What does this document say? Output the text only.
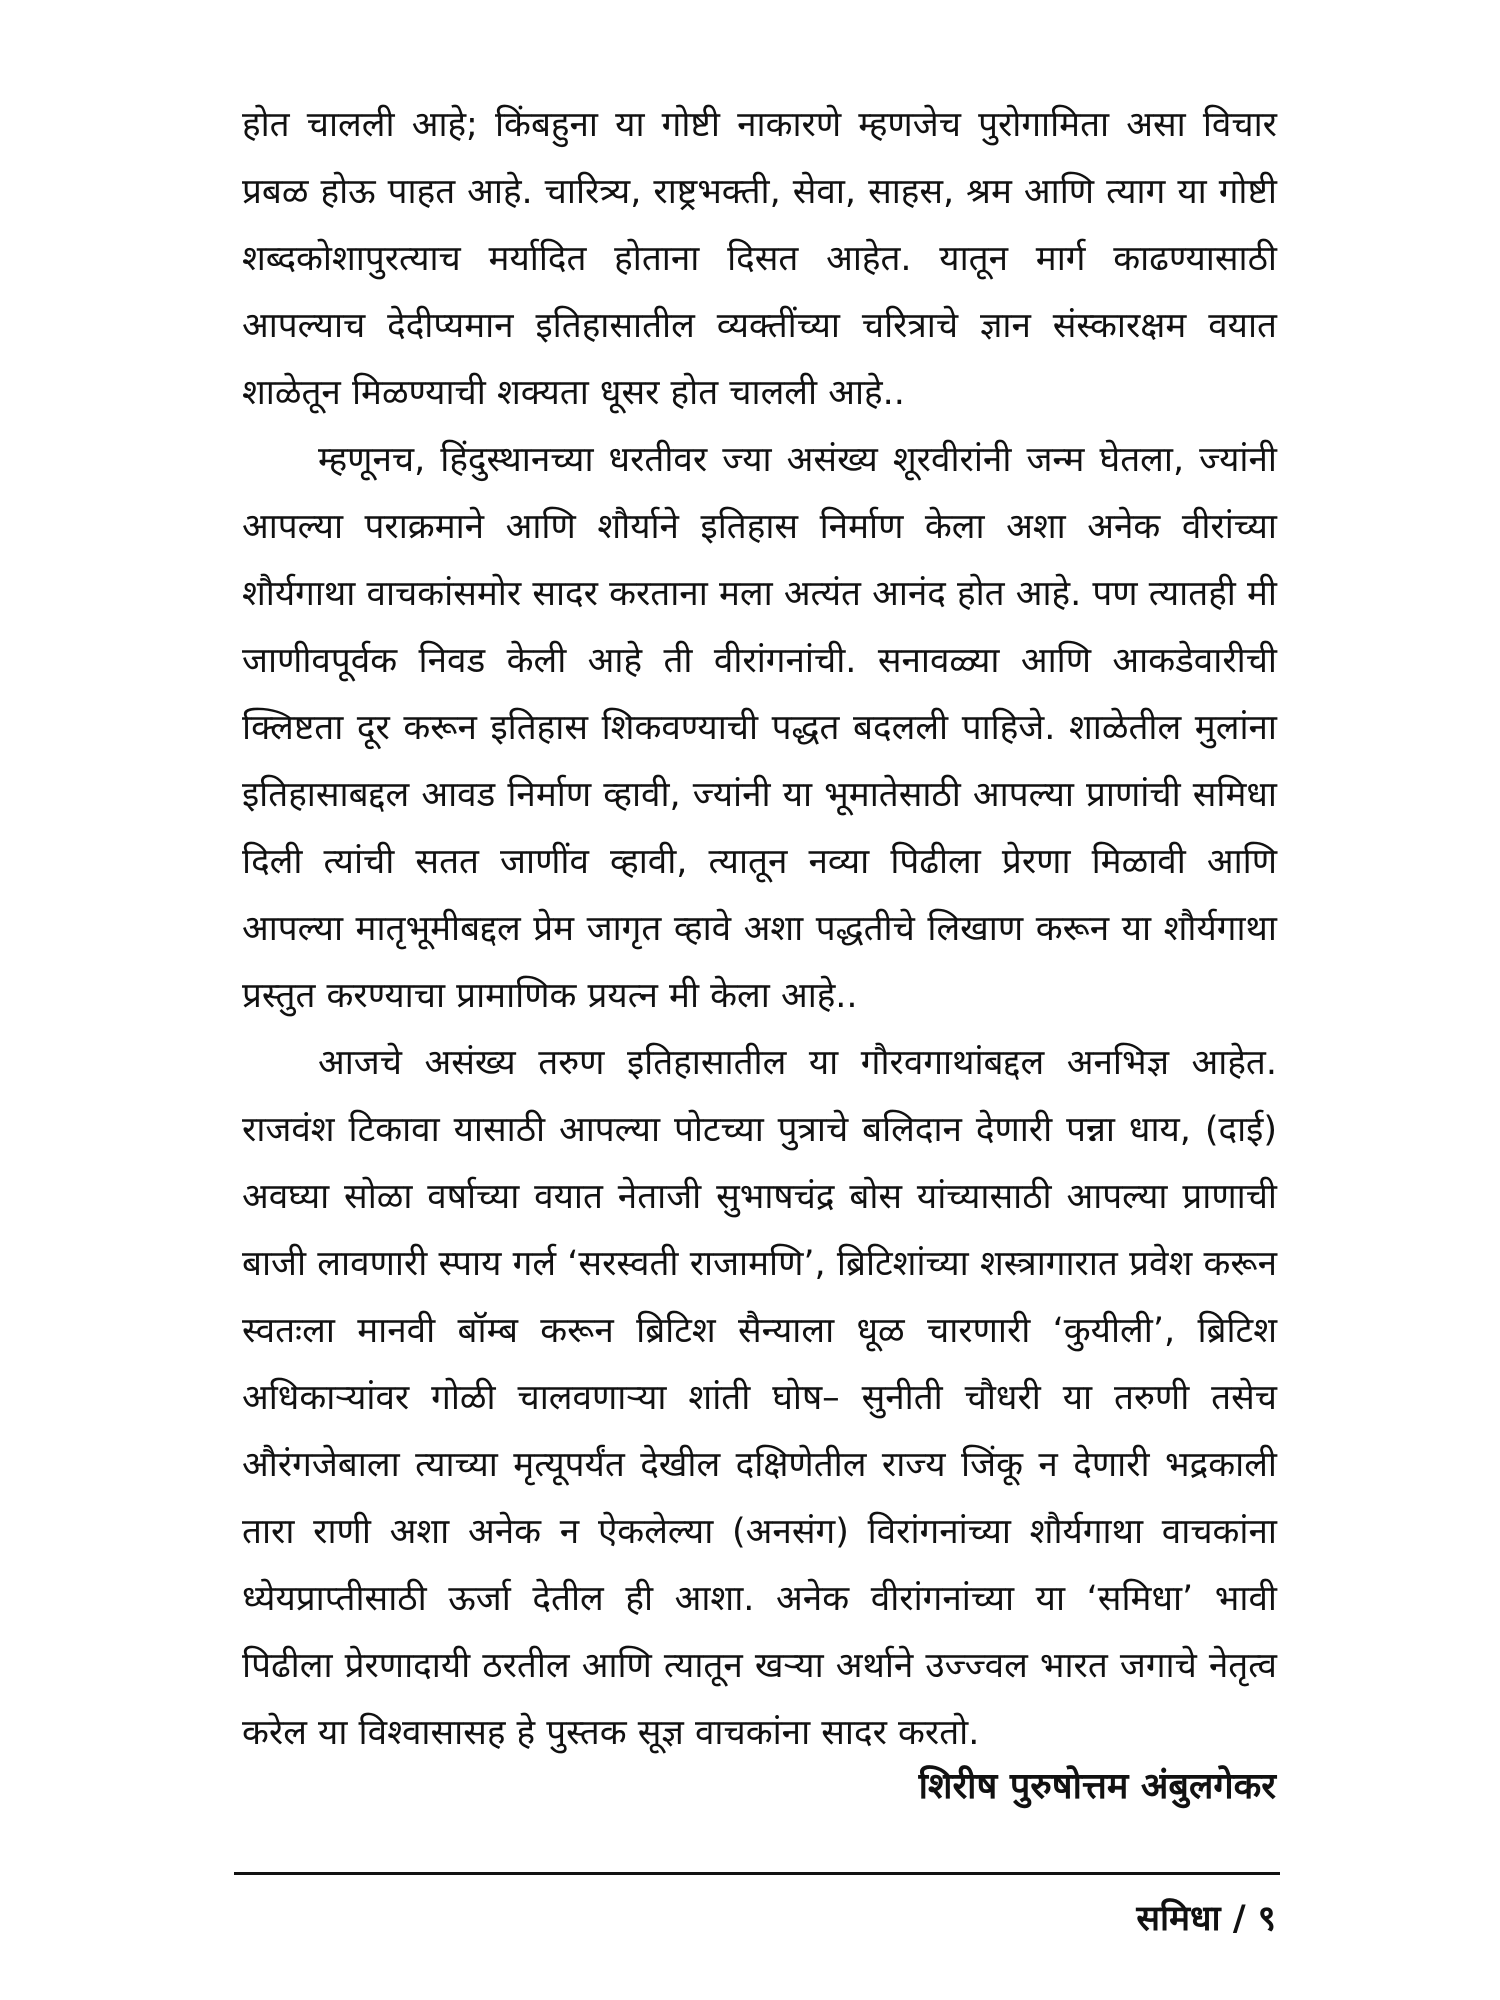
होत चालली आहे; किंबहुना या गोष्टी नाकारणे म्हणजेच पुरोगामिता असा विचार प्रबळ होऊ पाहत आहे. चारित्र्य, राष्ट्रभक्ती, सेवा, साहस, श्रम आणि त्याग या गोष्टी शब्दकोशापुरत्याच मर्यादित होताना दिसत आहेत. यातून मार्ग काढण्यासाठी आपल्याच देदीप्यमान इतिहासातील व्यक्तींच्या चरित्राचे ज्ञान संस्कारक्षम वयात शाळेतून मिळण्याची शक्यता धूसर होत चालली आहे..

म्हणूनच, हिंदुस्थानच्या धरतीवर ज्या असंख्य शूरवीरांनी जन्म घेतला, ज्यांनी आपल्या पराक्रमाने आणि शौर्याने इतिहास निर्माण केला अशा अनेक वीरांच्या शौर्यगाथा वाचकांसमोर सादर करताना मला अत्यंत आनंद होत आहे. पण त्यातही मी जाणीवपूर्वक निवड केली आहे ती वीरांगनांची. सनावळ्या आणि आकडेवारीची क्लिष्टता दूर करून इतिहास शिकवण्याची पद्धत बदलली पाहिजे. शाळेतील मुलांना इतिहासाबद्दल आवड निर्माण व्हावी, ज्यांनी या भूमातेसाठी आपल्या प्राणांची समिधा दिली त्यांची सतत जाणींव व्हावी, त्यातून नव्या पिढीला प्रेरणा मिळावी आणि आपल्या मातृभूमीबद्दल प्रेम जागृत व्हावे अशा पद्धतीचे लिखाण करून या शौर्यगाथा प्रस्तुत करण्याचा प्रामाणिक प्रयत्न मी केला आहे..

आजचे असंख्य तरुण इतिहासातील या गौरवगाथांबद्दल अनभिज्ञ आहेत. राजवंश टिकावा यासाठी आपल्या पोटच्या पुत्राचे बलिदान देणारी पन्ना धाय, (दाई) अवघ्या सोळा वर्षाच्या वयात नेताजी सुभाषचंद्र बोस यांच्यासाठी आपल्या प्राणाची बाजी लावणारी स्पाय गर्ल ‘सरस्वती राजामणि’, ब्रिटिशांच्या शस्त्रागारात प्रवेश करून स्वतःला मानवी बॉम्ब करून ब्रिटिश सैन्याला धूळ चारणारी ‘कुयीली’, ब्रिटिश अधिकाऱ्यांवर गोळी चालवणाऱ्या शांती घोष– सुनीती चौधरी या तरुणी तसेच औरंगजेबाला त्याच्या मृत्यूपर्यंत देखील दक्षिणेतील राज्य जिंकू न देणारी भद्रकाली तारा राणी अशा अनेक न ऐकलेल्या (अनसंग) विरांगनांच्या शौर्यगाथा वाचकांना ध्येयप्राप्तीसाठी ऊर्जा देतील ही आशा. अनेक वीरांगनांच्या या ‘समिधा’ भावी पिढीला प्रेरणादायी ठरतील आणि त्यातून खऱ्या अर्थाने उज्ज्वल भारत जगाचे नेतृत्व करेल या विश्वासासह हे पुस्तक सूज्ञ वाचकांना सादर करतो.

शिरीष पुरुषोत्तम अंबुलगेकर
समिधा / ९
